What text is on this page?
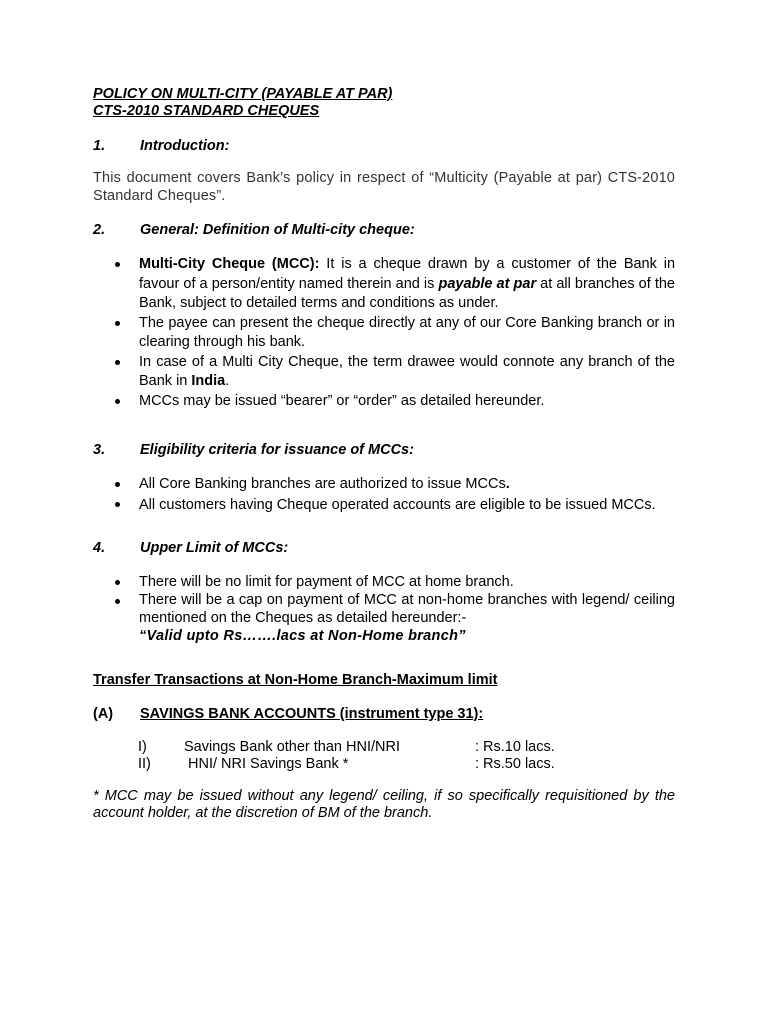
POLICY ON MULTI-CITY (PAYABLE AT PAR)

CTS-2010 STANDARD CHEQUES

1.	Introduction:
This document covers Bank’s policy in respect of “Multicity (Payable at par) CTS-2010 Standard Cheques”.
2.	General: Definition of Multi-city cheque:
Multi-City Cheque (MCC): It is a cheque drawn by a customer of the Bank in favour of a person/entity named therein and is payable at par at all branches of the Bank, subject to detailed terms and conditions as under.
The payee can present the cheque directly at any of our Core Banking branch or in clearing through his bank.
In case of a Multi City Cheque, the term drawee would connote any branch of the Bank in India.
MCCs may be issued “bearer” or “order” as detailed hereunder.
3.	Eligibility criteria for issuance of MCCs:
All Core Banking branches are authorized to issue MCCs.
All customers having Cheque operated accounts are eligible to be issued MCCs.
4.	Upper Limit of MCCs:
There will be no limit for payment of MCC at home branch.
There will be a cap on payment of MCC at non-home branches with legend/ ceiling mentioned on the Cheques as detailed hereunder:-
“Valid upto Rs…….lacs at Non-Home branch”
Transfer Transactions at Non-Home Branch-Maximum limit
(A)	SAVINGS BANK ACCOUNTS (instrument type 31):
I)	Savings Bank other than HNI/NRI	: Rs.10 lacs.
II)	HNI/ NRI Savings Bank *	: Rs.50 lacs.
* MCC may be issued without any legend/ ceiling, if so specifically requisitioned by the account holder, at the discretion of BM of the branch.
